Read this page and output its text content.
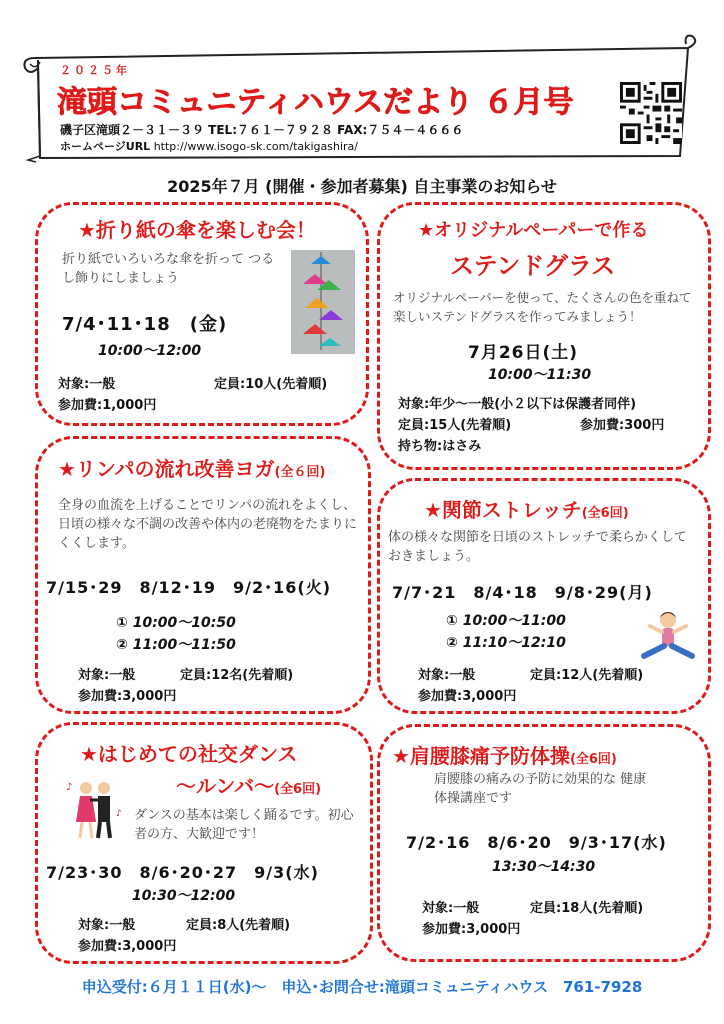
２０２５年
滝頭コミュニティハウスだより ６月号
磯子区滝頭２－３１－３９ TEL:７６１－７９２８ FAX:７５４－４６６６
ホームページURL http://www.isogo-sk.com/takigashira/
2025年７月 (開催・参加者募集) 自主事業のお知らせ
★折り紙の傘を楽しむ会！
折り紙でいろいろな傘を折って つるし飾りにしましょう
7/4･11･18　(金)
10:00～12:00
対象:一般	定員:10人(先着順)
参加費:1,000円
★オリジナルペーパーで作る
ステンドグラス
オリジナルペーパーを使って、たくさんの色を重ねて楽しいステンドグラスを作ってみましょう！
7月26日(土)
10:00～11:30
対象:年少～一般(小２以下は保護者同伴)
定員:15人(先着順)	参加費:300円
持ち物:はさみ
★リンパの流れ改善ヨガ(全６回)
全身の血流を上げることでリンパの流れをよくし、日頃の様々な不調の改善や体内の老廃物をたまりにくくします。
7/15･29　8/12･19　9/2･16(火)
① 10:00～10:50
② 11:00～11:50
対象:一般	定員:12名(先着順)
参加費:3,000円
★関節ストレッチ(全6回)
体の様々な関節を日頃のストレッチで柔らかくしておきましょう。
7/7･21　8/4･18　9/8･29(月)
① 10:00～11:00
② 11:10～12:10
対象:一般	定員:12人(先着順)
参加費:3,000円
★はじめての社交ダンス
～ルンバ～(全6回)
♪
♪ ダンスの基本は楽しく踊るです。初心者の方、大歓迎です！
7/23･30　8/6･20･27　9/3(水)
10:30～12:00
対象:一般	定員:8人(先着順)
参加費:3,000円
★肩腰膝痛予防体操(全6回)
肩腰膝の痛みの予防に効果的な 健康体操講座です
7/2･16　8/6･20　9/3･17(水)
13:30～14:30
対象:一般	定員:18人(先着順)
参加費:3,000円
申込受付:６月１１日(水)～　申込･お問合せ:滝頭コミュニティハウス　761-7928
